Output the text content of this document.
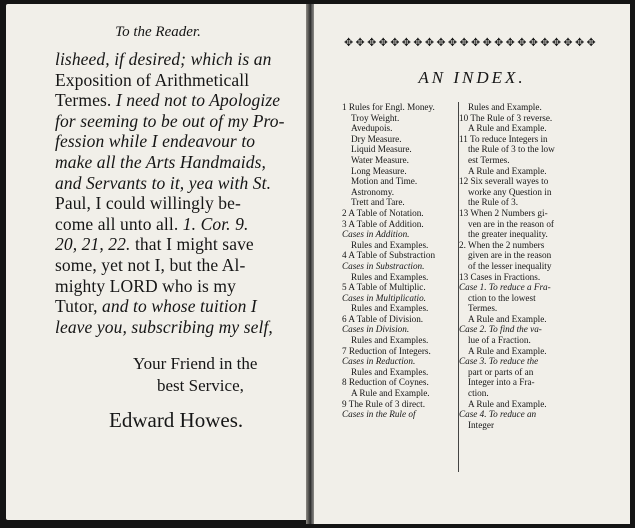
To the Reader.
lisheed, if desired; which is an
Exposition of Arithmeticall
Termes. I need not to Apologize
for seeming to be out of my Pro-
fession while I endeavour to
make all the Arts Handmaids,
and Servants to it, yea with St.
Paul, I could willingly be-
come all unto all. 1. Cor. 9.
20, 21, 22. that I might save
some, yet not I, but the Al-
mighty LORD who is my
Tutor, and to whose tuition I
leave you, subscribing my self,
Your Friend in the
best Service,
Edward Howes.
✥ ✥ ✥ ✥ ✥ ✥ ✥ ✥ ✥ ✥ ✥ ✥ ✥ ✥ ✥ ✥ ✥ ✥ ✥ ✥ ✥ ✥
AN INDEX.
1 Rules for Engl. Money.
Troy Weight.
Avedupois.
Dry Measure.
Liquid Measure.
Water Measure.
Long Measure.
Motion and Time.
Astronomy.
Trett and Tare.
2 A Table of Notation.
3 A Table of Addition.
Cases in Addition.
Rules and Examples.
4 A Table of Substraction
Cases in Substraction.
Rules and Examples.
5 A Table of Multiplic.
Cases in Multiplicatio.
Rules and Examples.
6 A Table of Division.
Cases in Division.
Rules and Examples.
7 Reduction of Integers.
Cases in Reduction.
Rules and Examples.
8 Reduction of Coynes.
A Rule and Example.
9 The Rule of 3 direct.
Cases in the Rule of
Rules and Example.
10 The Rule of 3 reverse.
A Rule and Example.
11 To reduce Integers in
the Rule of 3 to the low
est Termes.
A Rule and Example.
12 Six severall wayes to
worke any Question in
the Rule of 3.
13 When 2 Numbers gi-
ven are in the reason of
the greater inequality.
2. When the 2 numbers
given are in the reason
of the lesser inequality
13 Cases in Fractions.
Case 1. To reduce a Fra-
ction to the lowest
Termes.
A Rule and Example.
Case 2. To find the va-
lue of a Fraction.
A Rule and Example.
Case 3. To reduce the
part or parts of an
Integer into a Fra-
ction.
A Rule and Example.
Case 4. To reduce an
Integer
